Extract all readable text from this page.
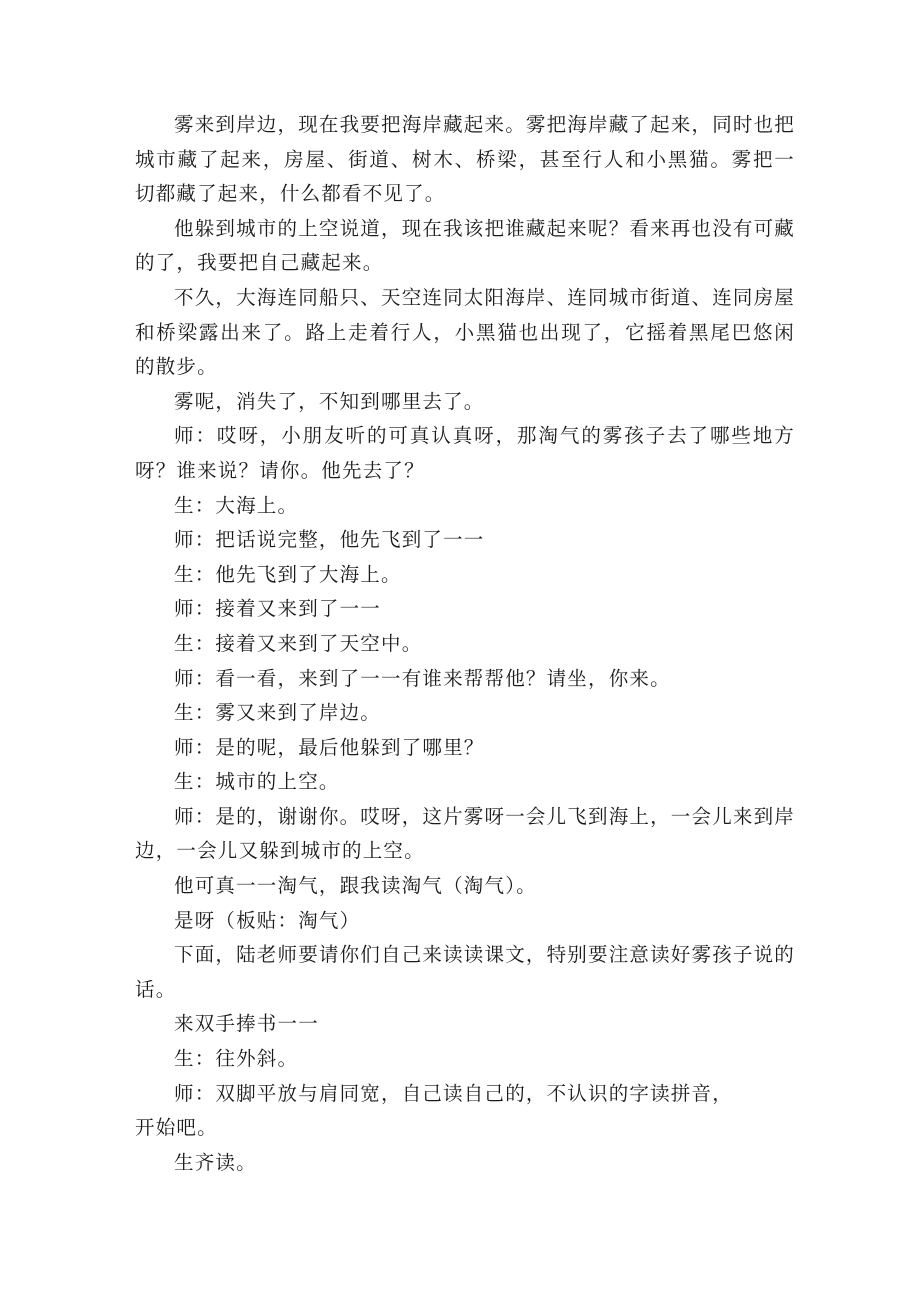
雾来到岸边，现在我要把海岸藏起来。雾把海岸藏了起来，同时也把城市藏了起来，房屋、街道、树木、桥梁，甚至行人和小黑猫。雾把一切都藏了起来，什么都看不见了。

他躲到城市的上空说道，现在我该把谁藏起来呢？看来再也没有可藏的了，我要把自己藏起来。

不久，大海连同船只、天空连同太阳海岸、连同城市街道、连同房屋和桥梁露出来了。路上走着行人，小黑猫也出现了，它摇着黑尾巴悠闲的散步。

雾呢，消失了，不知到哪里去了。

师：哎呀，小朋友听的可真认真呀，那淘气的雾孩子去了哪些地方呀？谁来说？请你。他先去了？

生：大海上。

师：把话说完整，他先飞到了一一

生：他先飞到了大海上。

师：接着又来到了一一

生：接着又来到了天空中。

师：看一看，来到了一一有谁来帮帮他？请坐，你来。

生：雾又来到了岸边。

师：是的呢，最后他躲到了哪里？

生：城市的上空。

师：是的，谢谢你。哎呀，这片雾呀一会儿飞到海上，一会儿来到岸边，一会儿又躲到城市的上空。

他可真一一淘气，跟我读淘气（淘气）。

是呀（板贴：淘气）

下面，陆老师要请你们自己来读读课文，特别要注意读好雾孩子说的话。

来双手捧书一一

生：往外斜。

师：双脚平放与肩同宽，自己读自己的，不认识的字读拼音，开始吧。

生齐读。
